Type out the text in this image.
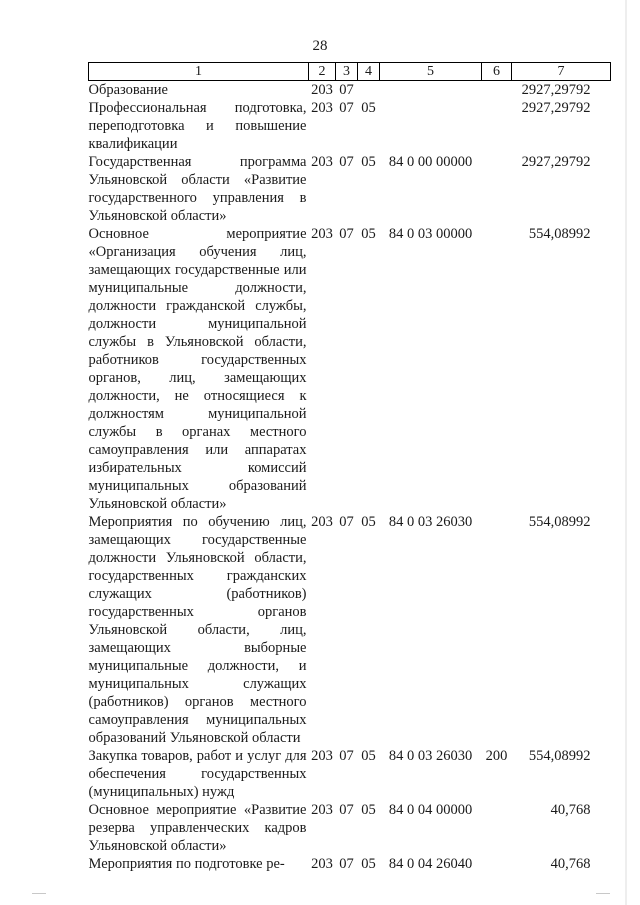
28
1	2	3	4	5	6	7
Образование	203	07				2927,29792
Профессиональная подготовка, переподготовка и повышение квалификации	203	07	05			2927,29792
Государственная программа Ульяновской области «Развитие государственного управления в Ульяновской области»	203	07	05	84 0 00 00000		2927,29792
Основное мероприятие «Организация обучения лиц, замещающих государственные или муниципальные должности, должности гражданской службы, должности муниципальной службы в Ульяновской области, работников государственных органов, лиц, замещающих должности, не относящиеся к должностям муниципальной службы в органах местного самоуправления или аппаратах избирательных комиссий муниципальных образований Ульяновской области»	203	07	05	84 0 03 00000		554,08992
Мероприятия по обучению лиц, замещающих государственные должности Ульяновской области, государственных гражданских служащих (работников) государственных органов Ульяновской области, лиц, замещающих выборные муниципальные должности, и муниципальных служащих (работников) органов местного самоуправления муниципальных образований Ульяновской области	203	07	05	84 0 03 26030		554,08992
Закупка товаров, работ и услуг для обеспечения государственных (муниципальных) нужд	203	07	05	84 0 03 26030	200	554,08992
Основное мероприятие «Развитие резерва управленческих кадров Ульяновской области»	203	07	05	84 0 04 00000		40,768
Мероприятия по подготовке ре-	203	07	05	84 0 04 26040		40,768
